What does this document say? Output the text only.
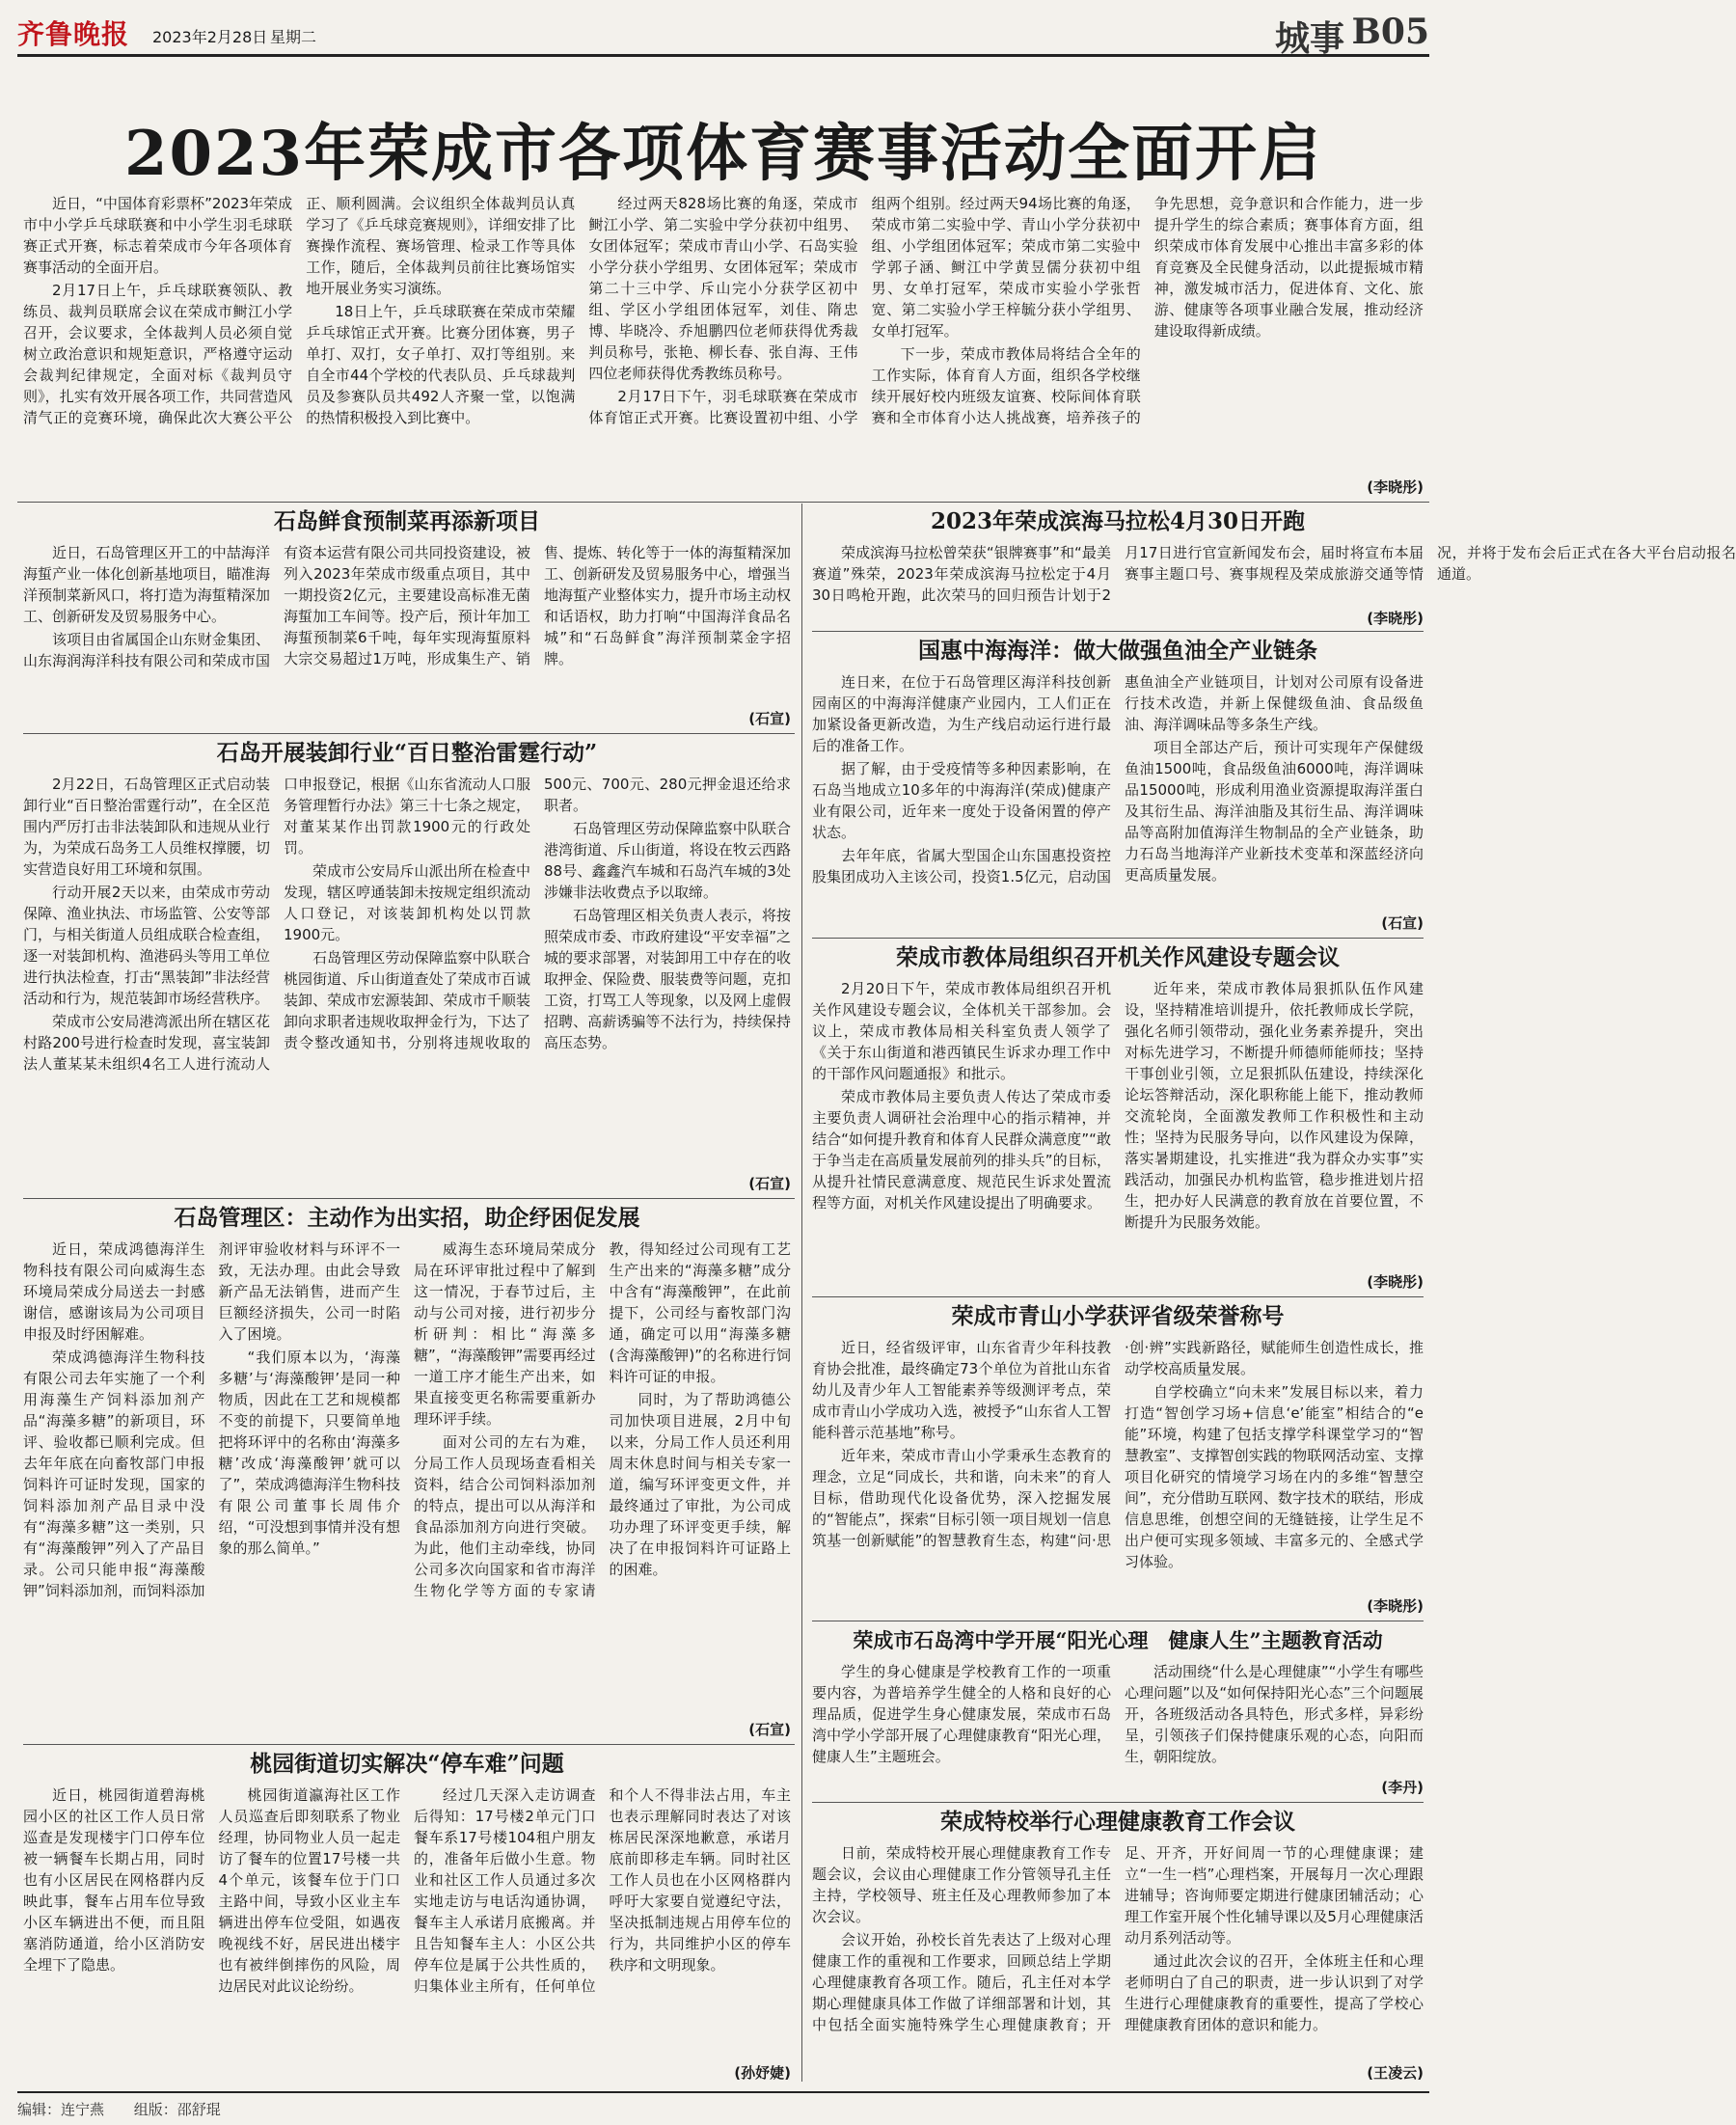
齐鲁晚报 2023年2月28日 星期二	城事 B05
2023年荣成市各项体育赛事活动全面开启

近日，“中国体育彩票杯”2023年荣成市中小学乒乓球联赛和中小学生羽毛球联赛正式开赛，标志着荣成市今年各项体育赛事活动的全面开启。

2月17日上午，乒乓球联赛领队、教练员、裁判员联席会议在荣成市鲥江小学召开，会议要求，全体裁判人员必须自觉树立政治意识和规矩意识，严格遵守运动会裁判纪律规定，全面对标《裁判员守则》，扎实有效开展各项工作，共同营造风清气正的竞赛环境，确保此次大赛公平公正、顺利圆满。会议组织全体裁判员认真学习了《乒乓球竞赛规则》，详细安排了比赛操作流程、赛场管理、检录工作等具体工作，随后，全体裁判员前往比赛场馆实地开展业务实习演练。

18日上午，乒乓球联赛在荣成市荣耀乒乓球馆正式开赛。比赛分团体赛，男子单打、双打，女子单打、双打等组别。来自全市44个学校的代表队员、乒乓球裁判员及参赛队员共492人齐聚一堂，以饱满的热情积极投入到比赛中。

经过两天828场比赛的角逐，荣成市鲥江小学、第二实验中学分获初中组男、女团体冠军；荣成市青山小学、石岛实验小学分获小学组男、女团体冠军；荣成市第二十三中学、斥山完小分获学区初中组、学区小学组团体冠军，刘佳、隋忠博、毕晓冷、乔旭鹏四位老师获得优秀裁判员称号，张艳、柳长春、张自海、王伟四位老师获得优秀教练员称号。

2月17日下午，羽毛球联赛在荣成市体育馆正式开赛。比赛设置初中组、小学组两个组别。经过两天94场比赛的角逐，荣成市第二实验中学、青山小学分获初中组、小学组团体冠军；荣成市第二实验中学郭子涵、鲥江中学黄昱儒分获初中组男、女单打冠军，荣成市实验小学张哲宽、第二实验小学王梓毓分获小学组男、女单打冠军。

下一步，荣成市教体局将结合全年的工作实际，体育育人方面，组织各学校继续开展好校内班级友谊赛、校际间体育联赛和全市体育小达人挑战赛，培养孩子的争先思想，竞争意识和合作能力，进一步提升学生的综合素质；赛事体育方面，组织荣成市体育发展中心推出丰富多彩的体育竞赛及全民健身活动，以此提振城市精神，激发城市活力，促进体育、文化、旅游、健康等各项事业融合发展，推动经济建设取得新成绩。

(李晓彤)
石岛鲜食预制菜再添新项目

近日，石岛管理区开工的中喆海洋海蜇产业一体化创新基地项目，瞄准海洋预制菜新风口，将打造为海蜇精深加工、创新研发及贸易服务中心。

该项目由省属国企山东财金集团、山东海润海洋科技有限公司和荣成市国有资本运营有限公司共同投资建设，被列入2023年荣成市级重点项目，其中一期投资2亿元，主要建设高标准无菌海蜇加工车间等。投产后，预计年加工海蜇预制菜6千吨，每年实现海蜇原料大宗交易超过1万吨，形成集生产、销售、提炼、转化等于一体的海蜇精深加工、创新研发及贸易服务中心，增强当地海蜇产业整体实力，提升市场主动权和话语权，助力打响“中国海洋食品名城”和“石岛鲜食”海洋预制菜金字招牌。

(石宣)
石岛开展装卸行业“百日整治雷霆行动”

2月22日，石岛管理区正式启动装卸行业“百日整治雷霆行动”，在全区范围内严厉打击非法装卸队和违规从业行为，为荣成石岛务工人员维权撑腰，切实营造良好用工环境和氛围。

行动开展2天以来，由荣成市劳动保障、渔业执法、市场监管、公安等部门，与相关街道人员组成联合检查组，逐一对装卸机构、渔港码头等用工单位进行执法检查，打击“黑装卸”非法经营活动和行为，规范装卸市场经营秩序。

荣成市公安局港湾派出所在辖区花村路200号进行检查时发现，喜宝装卸法人董某某未组织4名工人进行流动人口申报登记，根据《山东省流动人口服务管理暂行办法》第三十七条之规定，对董某某作出罚款1900元的行政处罚。

荣成市公安局斥山派出所在检查中发现，辖区哼通装卸未按规定组织流动人口登记，对该装卸机构处以罚款1900元。

石岛管理区劳动保障监察中队联合桃园街道、斥山街道查处了荣成市百诚装卸、荣成市宏源装卸、荣成市千顺装卸向求职者违规收取押金行为，下达了责令整改通知书，分别将违规收取的500元、700元、280元押金退还给求职者。

石岛管理区劳动保障监察中队联合港湾街道、斥山街道，将设在牧云西路88号、鑫鑫汽车城和石岛汽车城的3处涉嫌非法收费点予以取缔。

石岛管理区相关负责人表示，将按照荣成市委、市政府建设“平安幸福”之城的要求部署，对装卸用工中存在的收取押金、保险费、服装费等问题，克扣工资，打骂工人等现象，以及网上虚假招聘、高薪诱骗等不法行为，持续保持高压态势。

(石宣)
石岛管理区：主动作为出实招，助企纾困促发展

近日，荣成鸿德海洋生物科技有限公司向威海生态环境局荣成分局送去一封感谢信，感谢该局为公司项目申报及时纾困解难。

荣成鸿德海洋生物科技有限公司去年实施了一个利用海藻生产饲料添加剂产品“海藻多糖”的新项目，环评、验收都已顺利完成。但去年年底在向畜牧部门申报饲料许可证时发现，国家的饲料添加剂产品目录中没有“海藻多糖”这一类别，只有“海藻酸钾”列入了产品目录。公司只能申报“海藻酸钾”饲料添加剂，而饲料添加剂评审验收材料与环评不一致，无法办理。由此会导致新产品无法销售，进而产生巨额经济损失，公司一时陷入了困境。

“我们原本以为，‘海藻多糖’与‘海藻酸钾’是同一种物质，因此在工艺和规模都不变的前提下，只要简单地把将环评中的名称由‘海藻多糖’改成‘海藻酸钾’就可以了”，荣成鸿德海洋生物科技有限公司董事长周伟介绍，“可没想到事情并没有想象的那么简单。”

威海生态环境局荣成分局在环评审批过程中了解到这一情况，于春节过后，主动与公司对接，进行初步分析研判：相比“海藻多糖”，“海藻酸钾”需要再经过一道工序才能生产出来，如果直接变更名称需要重新办理环评手续。

面对公司的左右为难，分局工作人员现场查看相关资料，结合公司饲料添加剂的特点，提出可以从海洋和食品添加剂方向进行突破。为此，他们主动牵线，协同公司多次向国家和省市海洋生物化学等方面的专家请教，得知经过公司现有工艺生产出来的“海藻多糖”成分中含有“海藻酸钾”，在此前提下，公司经与畜牧部门沟通，确定可以用“海藻多糖(含海藻酸钾)”的名称进行饲料许可证的申报。

同时，为了帮助鸿德公司加快项目进展，2月中旬以来，分局工作人员还利用周末休息时间与相关专家一道，编写环评变更文件，并最终通过了审批，为公司成功办理了环评变更手续，解决了在申报饲料许可证路上的困难。

(石宣)
桃园街道切实解决“停车难”问题

近日，桃园街道碧海桃园小区的社区工作人员日常巡查是发现楼宇门口停车位被一辆餐车长期占用，同时也有小区居民在网格群内反映此事，餐车占用车位导致小区车辆进出不便，而且阻塞消防通道，给小区消防安全埋下了隐患。

桃园街道瀛海社区工作人员巡查后即刻联系了物业经理，协同物业人员一起走访了餐车的位置17号楼一共4个单元，该餐车位于门口主路中间，导致小区业主车辆进出停车位受阻，如遇夜晚视线不好，居民进出楼宇也有被绊倒摔伤的风险，周边居民对此议论纷纷。

经过几天深入走访调查后得知：17号楼2单元门口餐车系17号楼104租户朋友的，准备年后做小生意。物业和社区工作人员通过多次实地走访与电话沟通协调，餐车主人承诺月底搬离。并且告知餐车主人：小区公共停车位是属于公共性质的，归集体业主所有，任何单位和个人不得非法占用，车主也表示理解同时表达了对该栋居民深深地歉意，承诺月底前即移走车辆。同时社区工作人员也在小区网格群内呼吁大家要自觉遵纪守法，坚决抵制违规占用停车位的行为，共同维护小区的停车秩序和文明现象。

(孙妤婕)
2023年荣成滨海马拉松4月30日开跑

荣成滨海马拉松曾荣获“银牌赛事”和“最美赛道”殊荣，2023年荣成滨海马拉松定于4月30日鸣枪开跑，此次荣马的回归预告计划于2月17日进行官宣新闻发布会，届时将宣布本届赛事主题口号、赛事规程及荣成旅游交通等情况，并将于发布会后正式在各大平台启动报名通道。

(李晓彤)
国惠中海海洋：做大做强鱼油全产业链条

连日来，在位于石岛管理区海洋科技创新园南区的中海海洋健康产业园内，工人们正在加紧设备更新改造，为生产线启动运行进行最后的准备工作。

据了解，由于受疫情等多种因素影响，在石岛当地成立10多年的中海海洋(荣成)健康产业有限公司，近年来一度处于设备闲置的停产状态。

去年年底，省属大型国企山东国惠投资控股集团成功入主该公司，投资1.5亿元，启动国惠鱼油全产业链项目，计划对公司原有设备进行技术改造，并新上保健级鱼油、食品级鱼油、海洋调味品等多条生产线。

项目全部达产后，预计可实现年产保健级鱼油1500吨，食品级鱼油6000吨，海洋调味品15000吨，形成利用渔业资源提取海洋蛋白及其衍生品、海洋油脂及其衍生品、海洋调味品等高附加值海洋生物制品的全产业链条，助力石岛当地海洋产业新技术变革和深蓝经济向更高质量发展。

(石宣)
荣成市教体局组织召开机关作风建设专题会议

2月20日下午，荣成市教体局组织召开机关作风建设专题会议，全体机关干部参加。会议上，荣成市教体局相关科室负责人领学了《关于东山街道和港西镇民生诉求办理工作中的干部作风问题通报》和批示。

荣成市教体局主要负责人传达了荣成市委主要负责人调研社会治理中心的指示精神，并结合“如何提升教育和体育人民群众满意度”“敢于争当走在高质量发展前列的排头兵”的目标，从提升社情民意满意度、规范民生诉求处置流程等方面，对机关作风建设提出了明确要求。

近年来，荣成市教体局狠抓队伍作风建设，坚持精准培训提升，依托教师成长学院，强化名师引领带动，强化业务素养提升，突出对标先进学习，不断提升师德师能师技；坚持干事创业引领，立足狠抓队伍建设，持续深化论坛答辩活动，深化职称能上能下，推动教师交流轮岗，全面激发教师工作积极性和主动性；坚持为民服务导向，以作风建设为保障，落实暑期建设，扎实推进“我为群众办实事”实践活动，加强民办机构监管，稳步推进划片招生，把办好人民满意的教育放在首要位置，不断提升为民服务效能。

(李晓彤)
荣成市青山小学获评省级荣誉称号

近日，经省级评审，山东省青少年科技教育协会批准，最终确定73个单位为首批山东省幼儿及青少年人工智能素养等级测评考点，荣成市青山小学成功入选，被授予“山东省人工智能科普示范基地”称号。

近年来，荣成市青山小学秉承生态教育的理念，立足“同成长，共和谐，向未来”的育人目标，借助现代化设备优势，深入挖掘发展的“智能点”，探索“目标引领一项目规划一信息筑基一创新赋能”的智慧教育生态，构建“问·思·创·辨”实践新路径，赋能师生创造性成长，推动学校高质量发展。

自学校确立“向未来”发展目标以来，着力打造“智创学习场+信息‘e’能室”相结合的“e能”环境，构建了包括支撑学科课堂学习的“智慧教室”、支撑智创实践的物联网活动室、支撑项目化研究的情境学习场在内的多维“智慧空间”，充分借助互联网、数字技术的联结，形成信息思维，创想空间的无缝链接，让学生足不出户便可实现多领域、丰富多元的、全感式学习体验。

(李晓彤)
荣成市石岛湾中学开展“阳光心理　健康人生”主题教育活动

学生的身心健康是学校教育工作的一项重要内容，为普培养学生健全的人格和良好的心理品质，促进学生身心健康发展，荣成市石岛湾中学小学部开展了心理健康教育“阳光心理，健康人生”主题班会。

活动围绕“什么是心理健康”“小学生有哪些心理问题”以及“如何保持阳光心态”三个问题展开，各班级活动各具特色，形式多样，异彩纷呈，引领孩子们保持健康乐观的心态，向阳而生，朝阳绽放。

(李丹)
荣成特校举行心理健康教育工作会议

日前，荣成特校开展心理健康教育工作专题会议，会议由心理健康工作分管领导孔主任主持，学校领导、班主任及心理教师参加了本次会议。

会议开始，孙校长首先表达了上级对心理健康工作的重视和工作要求，回顾总结上学期心理健康教育各项工作。随后，孔主任对本学期心理健康具体工作做了详细部署和计划，其中包括全面实施特殊学生心理健康教育；开足、开齐，开好间周一节的心理健康课；建立“一生一档”心理档案，开展每月一次心理跟进辅导；咨询师要定期进行健康团辅活动；心理工作室开展个性化辅导课以及5月心理健康活动月系列活动等。

通过此次会议的召开，全体班主任和心理老师明白了自己的职责，进一步认识到了对学生进行心理健康教育的重要性，提高了学校心理健康教育团体的意识和能力。

(王凌云)
编辑：连宁燕 组版：邵舒琨
